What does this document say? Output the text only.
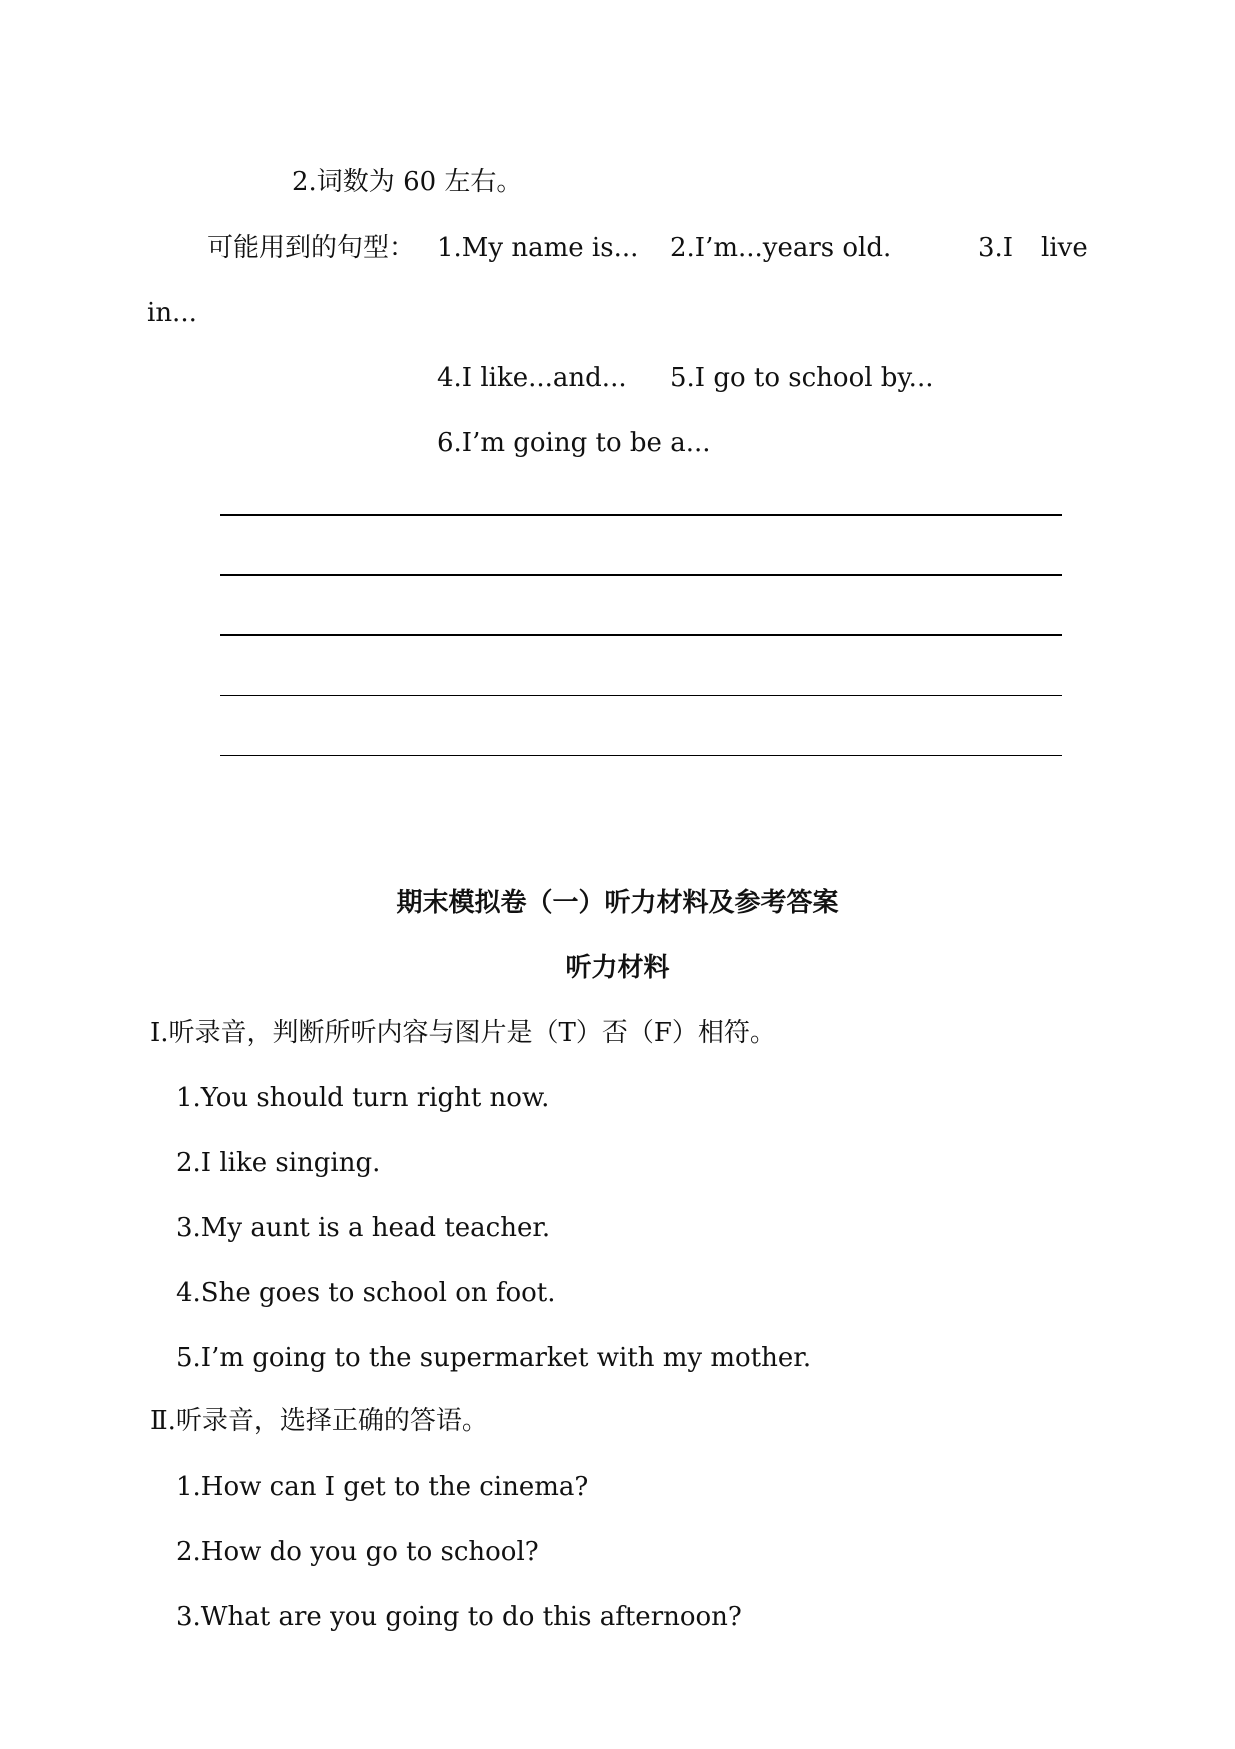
2.词数为 60 左右。
可能用到的句型： 1.My name is... 2.I’m...years old.	3.I live
in...
4.I like...and... 5.I go to school by...
6.I’m going to be a...
期末模拟卷（一）听力材料及参考答案
听力材料
Ⅰ.听录音，判断所听内容与图片是（T）否（F）相符。
1.You should turn right now.
2.I like singing.
3.My aunt is a head teacher.
4.She goes to school on foot.
5.I’m going to the supermarket with my mother.
Ⅱ.听录音，选择正确的答语。
1.How can I get to the cinema?
2.How do you go to school?
3.What are you going to do this afternoon?
